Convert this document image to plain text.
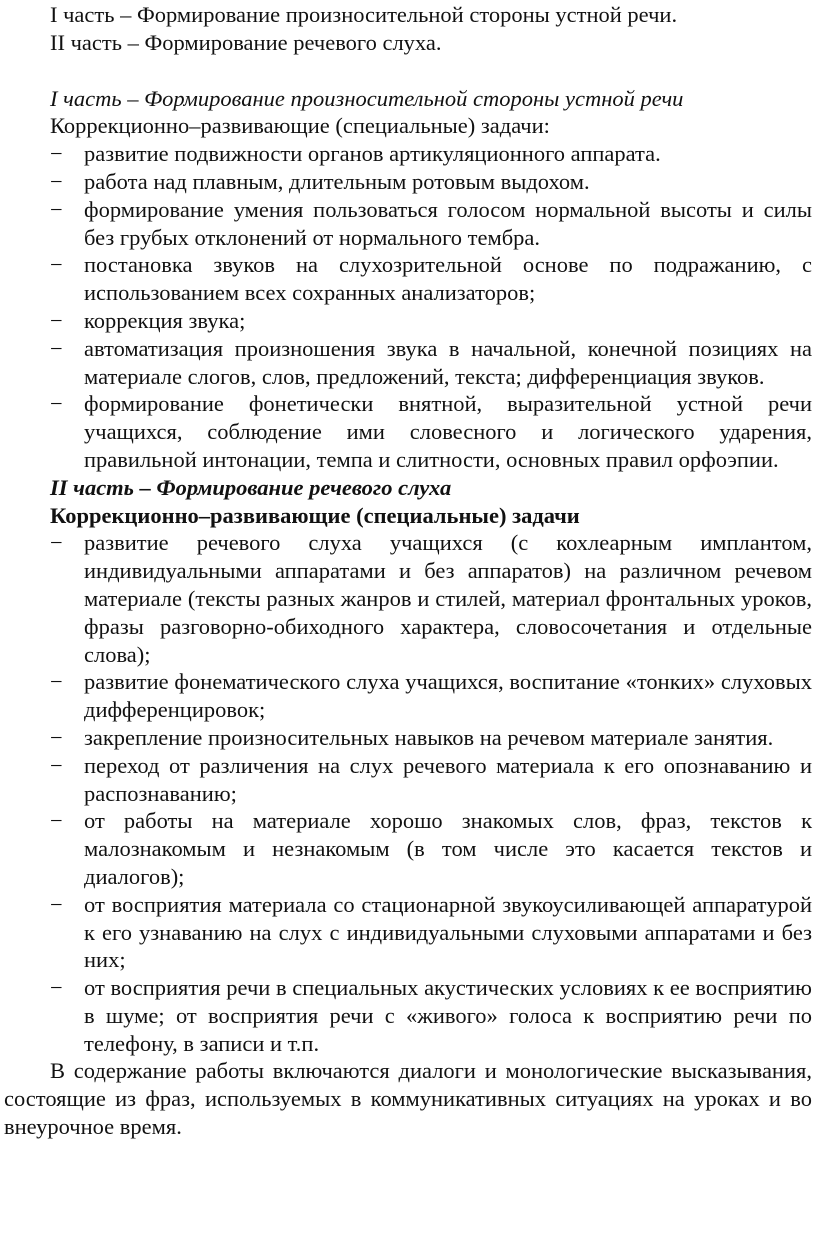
I часть – Формирование произносительной стороны устной речи.

II часть – Формирование речевого слуха.

I часть – Формирование произносительной стороны устной речи

Коррекционно–развивающие (специальные) задачи:

− развитие подвижности органов артикуляционного аппарата.
− работа над плавным, длительным ротовым выдохом.
− формирование умения пользоваться голосом нормальной высоты и силы без грубых отклонений от нормального тембра.
− постановка звуков на слухозрительной основе по подражанию, с использованием всех сохранных анализаторов;
− коррекция звука;
− автоматизация произношения звука в начальной, конечной позициях на материале слогов, слов, предложений, текста; дифференциация звуков.
− формирование фонетически внятной, выразительной устной речи учащихся, соблюдение ими словесного и логического ударения, правильной интонации, темпа и слитности, основных правил орфоэпии.

II часть – Формирование речевого слуха

Коррекционно–развивающие (специальные) задачи

− развитие речевого слуха учащихся (с кохлеарным имплантом, индивидуальными аппаратами и без аппаратов) на различном речевом материале (тексты разных жанров и стилей, материал фронтальных уроков, фразы разговорно-обиходного характера, словосочетания и отдельные слова);
− развитие фонематического слуха учащихся, воспитание «тонких» слуховых дифференцировок;
− закрепление произносительных навыков на речевом материале занятия.
− переход от различения на слух речевого материала к его опознаванию и распознаванию;
− от работы на материале хорошо знакомых слов, фраз, текстов к малознакомым и незнакомым (в том числе это касается текстов и диалогов);
− от восприятия материала со стационарной звукоусиливающей аппаратурой к его узнаванию на слух с индивидуальными слуховыми аппаратами и без них;
− от восприятия речи в специальных акустических условиях к ее восприятию в шуме; от восприятия речи с «живого» голоса к восприятию речи по телефону, в записи и т.п.

В содержание работы включаются диалоги и монологические высказывания, состоящие из фраз, используемых в коммуникативных ситуациях на уроках и во внеурочное время.
